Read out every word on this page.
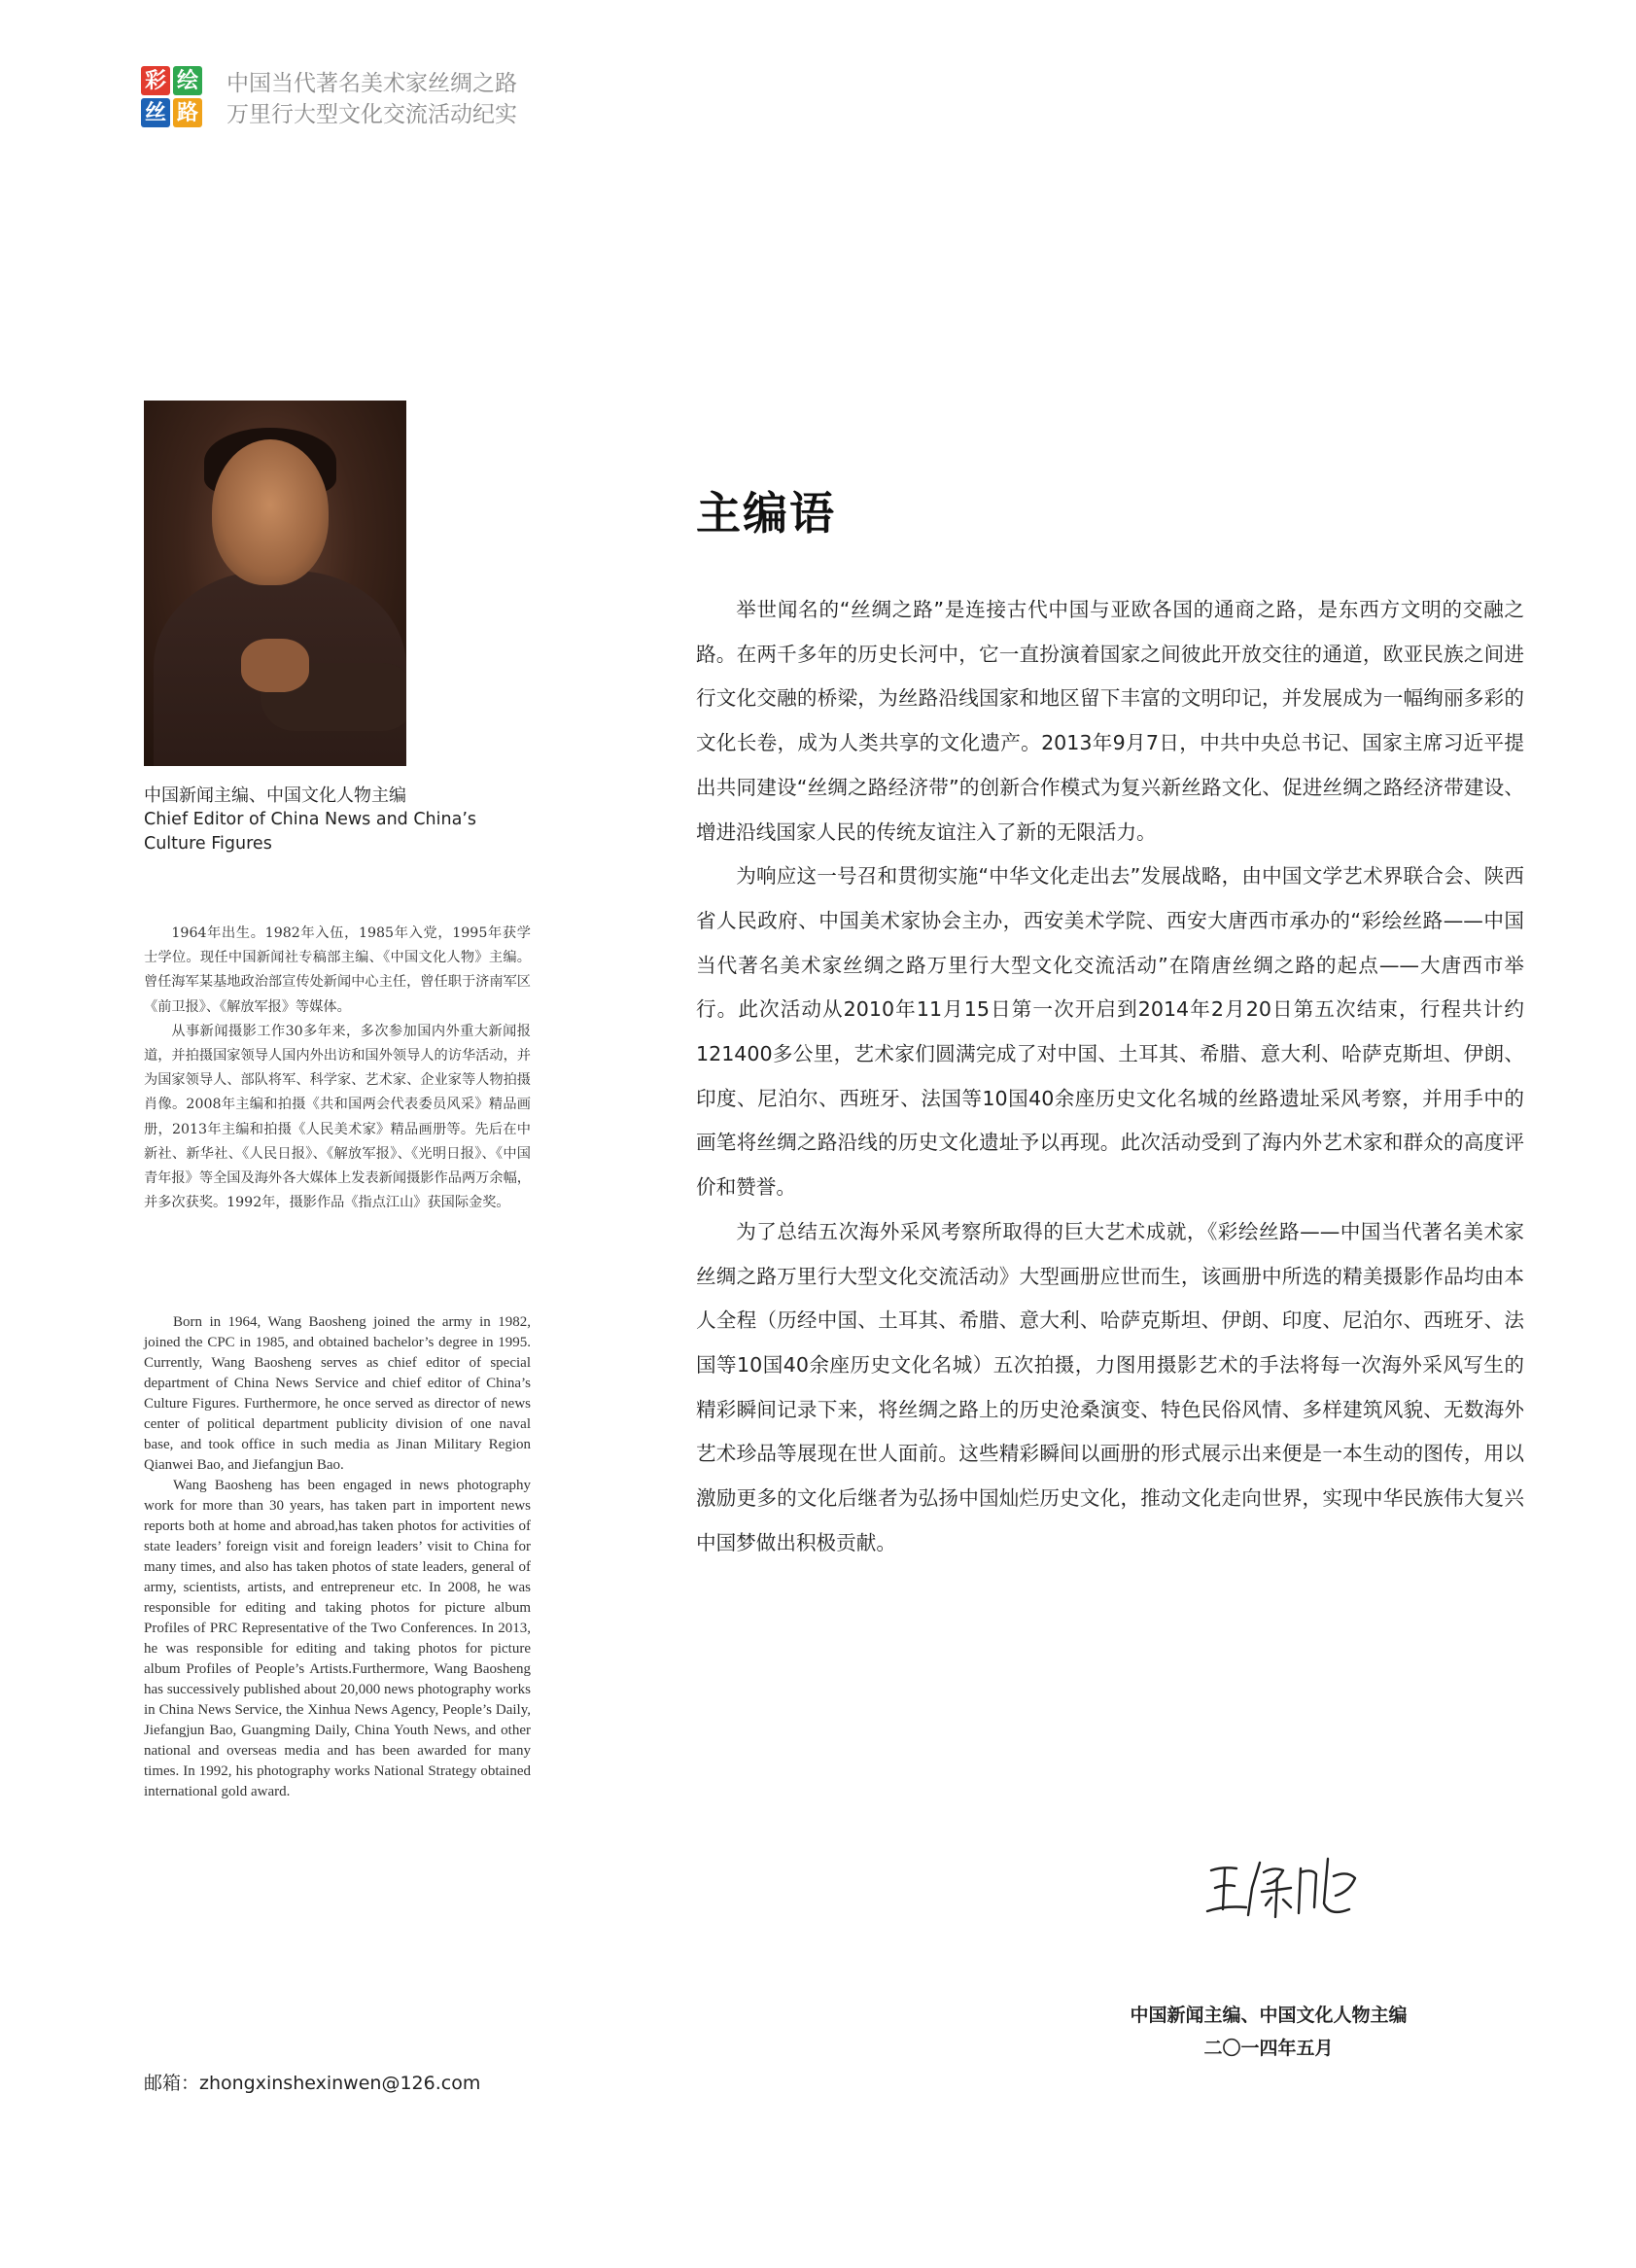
彩 绘
丝 路
中国当代著名美术家丝绸之路
万里行大型文化交流活动纪实
中国新闻主编、中国文化人物主编
Chief Editor of China News and China’s Culture Figures

1964年出生。1982年入伍，1985年入党，1995年获学士学位。现任中国新闻社专稿部主编、《中国文化人物》主编。曾任海军某基地政治部宣传处新闻中心主任，曾任职于济南军区《前卫报》、《解放军报》等媒体。

从事新闻摄影工作30多年来，多次参加国内外重大新闻报道，并拍摄国家领导人国内外出访和国外领导人的访华活动，并为国家领导人、部队将军、科学家、艺术家、企业家等人物拍摄肖像。2008年主编和拍摄《共和国两会代表委员风采》精品画册，2013年主编和拍摄《人民美术家》精品画册等。先后在中新社、新华社、《人民日报》、《解放军报》、《光明日报》、《中国青年报》等全国及海外各大媒体上发表新闻摄影作品两万余幅，并多次获奖。1992年，摄影作品《指点江山》获国际金奖。

Born in 1964, Wang Baosheng joined the army in 1982, joined the CPC in 1985, and obtained bachelor’s degree in 1995. Currently, Wang Baosheng serves as chief editor of special department of China News Service and chief editor of China’s Culture Figures. Furthermore, he once served as director of news center of political department publicity division of one naval base, and took office in such media as Jinan Military Region Qianwei Bao, and Jiefangjun Bao.

Wang Baosheng has been engaged in news photography work for more than 30 years, has taken part in importent news reports both at home and abroad,has taken photos for activities of state leaders’ foreign visit and foreign leaders’ visit to China for many times, and also has taken photos of state leaders, general of army, scientists, artists, and entrepreneur etc. In 2008, he was responsible for editing and taking photos for picture album Profiles of PRC Representative of the Two Conferences. In 2013, he was responsible for editing and taking photos for picture album Profiles of People’s Artists.Furthermore, Wang Baosheng has successively published about 20,000 news photography works in China News Service, the Xinhua News Agency, People’s Daily, Jiefangjun Bao, Guangming Daily, China Youth News, and other national and overseas media and has been awarded for many times. In 1992, his photography works National Strategy obtained international gold award.

邮箱：zhongxinshexinwen@126.com
主编语

举世闻名的“丝绸之路”是连接古代中国与亚欧各国的通商之路，是东西方文明的交融之路。在两千多年的历史长河中，它一直扮演着国家之间彼此开放交往的通道，欧亚民族之间进行文化交融的桥梁，为丝路沿线国家和地区留下丰富的文明印记，并发展成为一幅绚丽多彩的文化长卷，成为人类共享的文化遗产。2013年9月7日，中共中央总书记、国家主席习近平提出共同建设“丝绸之路经济带”的创新合作模式为复兴新丝路文化、促进丝绸之路经济带建设、增进沿线国家人民的传统友谊注入了新的无限活力。

为响应这一号召和贯彻实施“中华文化走出去”发展战略，由中国文学艺术界联合会、陕西省人民政府、中国美术家协会主办，西安美术学院、西安大唐西市承办的“彩绘丝路——中国当代著名美术家丝绸之路万里行大型文化交流活动”在隋唐丝绸之路的起点——大唐西市举行。此次活动从2010年11月15日第一次开启到2014年2月20日第五次结束，行程共计约121400多公里，艺术家们圆满完成了对中国、土耳其、希腊、意大利、哈萨克斯坦、伊朗、印度、尼泊尔、西班牙、法国等10国40余座历史文化名城的丝路遗址采风考察，并用手中的画笔将丝绸之路沿线的历史文化遗址予以再现。此次活动受到了海内外艺术家和群众的高度评价和赞誉。

为了总结五次海外采风考察所取得的巨大艺术成就，《彩绘丝路——中国当代著名美术家丝绸之路万里行大型文化交流活动》大型画册应世而生，该画册中所选的精美摄影作品均由本人全程（历经中国、土耳其、希腊、意大利、哈萨克斯坦、伊朗、印度、尼泊尔、西班牙、法国等10国40余座历史文化名城）五次拍摄，力图用摄影艺术的手法将每一次海外采风写生的精彩瞬间记录下来，将丝绸之路上的历史沧桑演变、特色民俗风情、多样建筑风貌、无数海外艺术珍品等展现在世人面前。这些精彩瞬间以画册的形式展示出来便是一本生动的图传，用以激励更多的文化后继者为弘扬中国灿烂历史文化，推动文化走向世界，实现中华民族伟大复兴中国梦做出积极贡献。

中国新闻主编、中国文化人物主编
二〇一四年五月
